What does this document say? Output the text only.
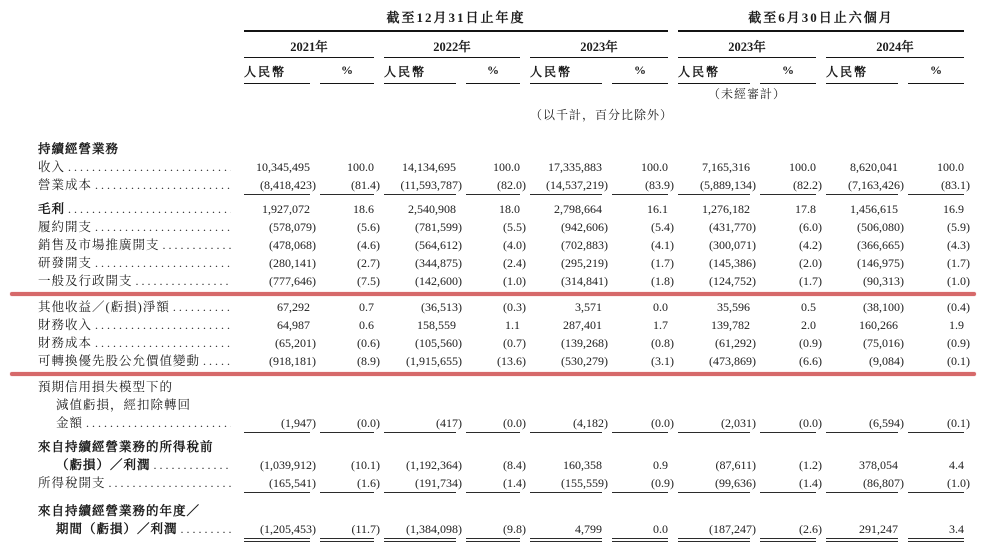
截至12月31日止年度	截至6月30日止六個月
2021年	2022年	2023年	2023年	2024年
人民幣	%	人民幣	%	人民幣	%	人民幣	%	人民幣	%
（未經審計）
（以千計，百分比除外）
持續經營業務
收入 . . .	10,345,495	100.0 14,134,695	100.0 17,335,883	100.0	7,165,316	100.0	8,620,041	100.0
營業成本 . . .	(8,418,423)	(81.4) (11,593,787)	(82.0) (14,537,219)	(83.9) (5,889,134)	(82.2) (7,163,426)	(83.1)
毛利 . . .	1,927,072	18.6	2,540,908	18.0	2,798,664	16.1	1,276,182	17.8	1,456,615	16.9
履約開支 . . .	(578,079)	(5.6)	(781,599)	(5.5)	(942,606)	(5.4)	(431,770)	(6.0)	(506,080)	(5.9)
銷售及市場推廣開支 . . .	(478,068)	(4.6)	(564,612)	(4.0)	(702,883)	(4.1)	(300,071)	(4.2)	(366,665)	(4.3)
研發開支 . . .	(280,141)	(2.7)	(344,875)	(2.4)	(295,219)	(1.7)	(145,386)	(2.0)	(146,975)	(1.7)
一般及行政開支 . . .	(777,646)	(7.5)	(142,600)	(1.0)	(314,841)	(1.8)	(124,752)	(1.7)	(90,313)	(1.0)
其他收益／(虧損)淨額 . . .	67,292	0.7	(36,513)	(0.3)	3,571	0.0	35,596	0.5	(38,100)	(0.4)
財務收入 . . .	64,987	0.6	158,559	1.1	287,401	1.7	139,782	2.0	160,266	1.9
財務成本 . . .	(65,201)	(0.6)	(105,560)	(0.7)	(139,268)	(0.8)	(61,292)	(0.9)	(75,016)	(0.9)
可轉換優先股公允價值變動 . . .	(918,181)	(8.9) (1,915,655)	(13.6)	(530,279)	(3.1)	(473,869)	(6.6)	(9,084)	(0.1)
預期信用損失模型下的
減值虧損，經扣除轉回
金額 . . .	(1,947)	(0.0)	(417)	(0.0)	(4,182)	(0.0)	(2,031)	(0.0)	(6,594)	(0.1)
來自持續經營業務的所得稅前
（虧損）／利潤 . . .	(1,039,912)	(10.1) (1,192,364)	(8.4)	160,358	0.9	(87,611)	(1.2)	378,054	4.4
所得稅開支 . . .	(165,541)	(1.6)	(191,734)	(1.4)	(155,559)	(0.9)	(99,636)	(1.4)	(86,807)	(1.0)
來自持續經營業務的年度／
期間（虧損）／利潤 . . .	(1,205,453)	(11.7) (1,384,098)	(9.8)	4,799	0.0	(187,247)	(2.6)	291,247	3.4
